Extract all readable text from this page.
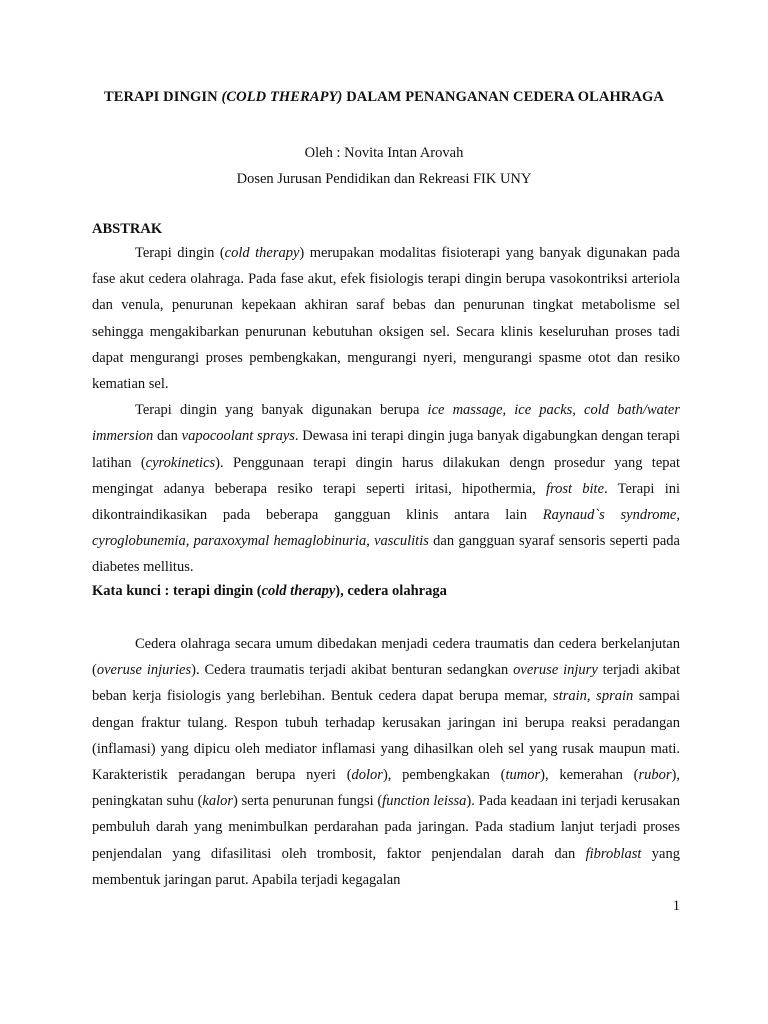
TERAPI DINGIN (COLD THERAPY) DALAM PENANGANAN CEDERA OLAHRAGA
Oleh : Novita Intan Arovah
Dosen Jurusan Pendidikan dan Rekreasi FIK UNY
ABSTRAK

Terapi dingin (cold therapy) merupakan modalitas fisioterapi yang banyak digunakan pada fase akut cedera olahraga. Pada fase akut, efek fisiologis terapi dingin berupa vasokontriksi arteriola dan venula, penurunan kepekaan akhiran saraf bebas dan penurunan tingkat metabolisme sel sehingga mengakibarkan penurunan kebutuhan oksigen sel. Secara klinis keseluruhan proses tadi dapat mengurangi proses pembengkakan, mengurangi nyeri, mengurangi spasme otot dan resiko kematian sel.

Terapi dingin yang banyak digunakan berupa ice massage, ice packs, cold bath/water immersion dan vapocoolant sprays. Dewasa ini terapi dingin juga banyak digabungkan dengan terapi latihan (cyrokinetics). Penggunaan terapi dingin harus dilakukan dengn prosedur yang tepat mengingat adanya beberapa resiko terapi seperti iritasi, hipothermia, frost bite. Terapi ini dikontraindikasikan pada beberapa gangguan klinis antara lain Raynaud`s syndrome, cyroglobunemia, paraxoxymal hemaglobinuria, vasculitis dan gangguan syaraf sensoris seperti pada diabetes mellitus.

Kata kunci : terapi dingin (cold therapy), cedera olahraga

Cedera olahraga secara umum dibedakan menjadi cedera traumatis dan cedera berkelanjutan (overuse injuries). Cedera traumatis terjadi akibat benturan sedangkan overuse injury terjadi akibat beban kerja fisiologis yang berlebihan. Bentuk cedera dapat berupa memar, strain, sprain sampai dengan fraktur tulang. Respon tubuh terhadap kerusakan jaringan ini berupa reaksi peradangan (inflamasi) yang dipicu oleh mediator inflamasi yang dihasilkan oleh sel yang rusak maupun mati. Karakteristik peradangan berupa nyeri (dolor), pembengkakan (tumor), kemerahan (rubor), peningkatan suhu (kalor) serta penurunan fungsi (function leissa). Pada keadaan ini terjadi kerusakan pembuluh darah yang menimbulkan perdarahan pada jaringan. Pada stadium lanjut terjadi proses penjendalan yang difasilitasi oleh trombosit, faktor penjendalan darah dan fibroblast yang membentuk jaringan parut. Apabila terjadi kegagalan

1
